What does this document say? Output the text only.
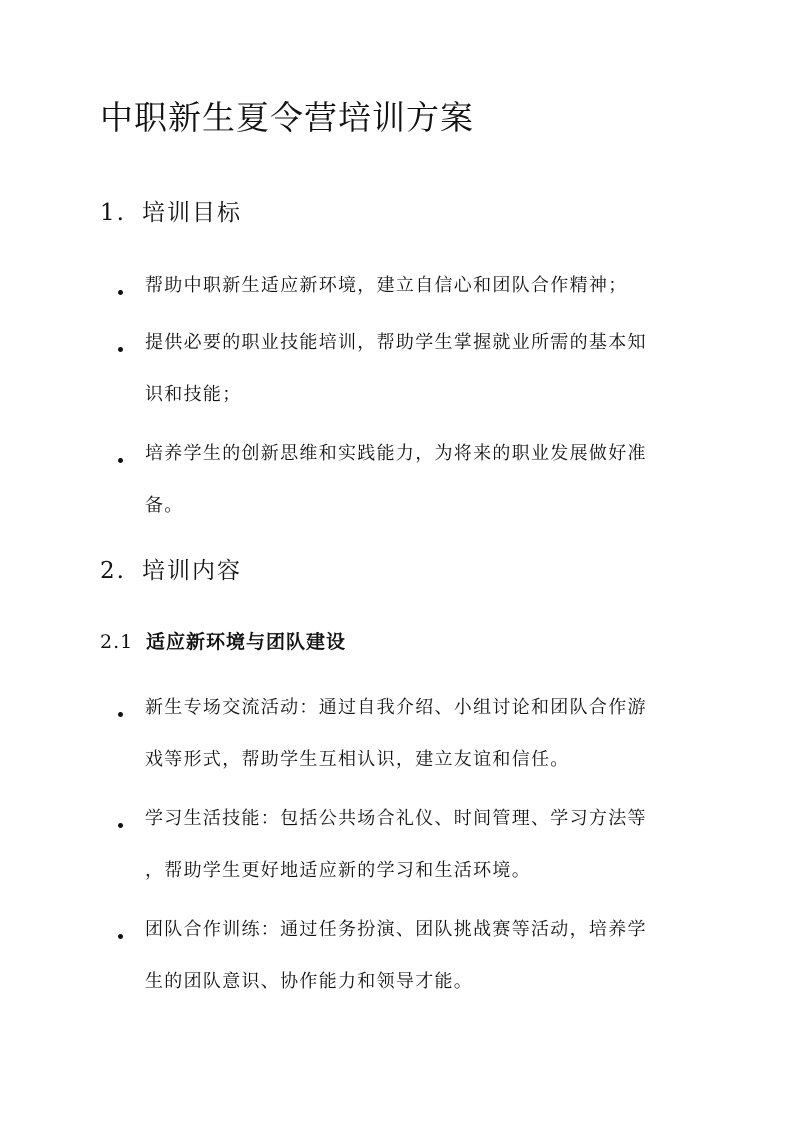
中职新生夏令营培训方案
1. 培训目标
帮助中职新生适应新环境，建立自信心和团队合作精神；
提供必要的职业技能培训，帮助学生掌握就业所需的基本知
识和技能；
培养学生的创新思维和实践能力，为将来的职业发展做好准
备。
2. 培训内容
2.1 适应新环境与团队建设
新生专场交流活动：通过自我介绍、小组讨论和团队合作游
戏等形式，帮助学生互相认识，建立友谊和信任。
学习生活技能：包括公共场合礼仪、时间管理、学习方法等
，帮助学生更好地适应新的学习和生活环境。
团队合作训练：通过任务扮演、团队挑战赛等活动，培养学
生的团队意识、协作能力和领导才能。
